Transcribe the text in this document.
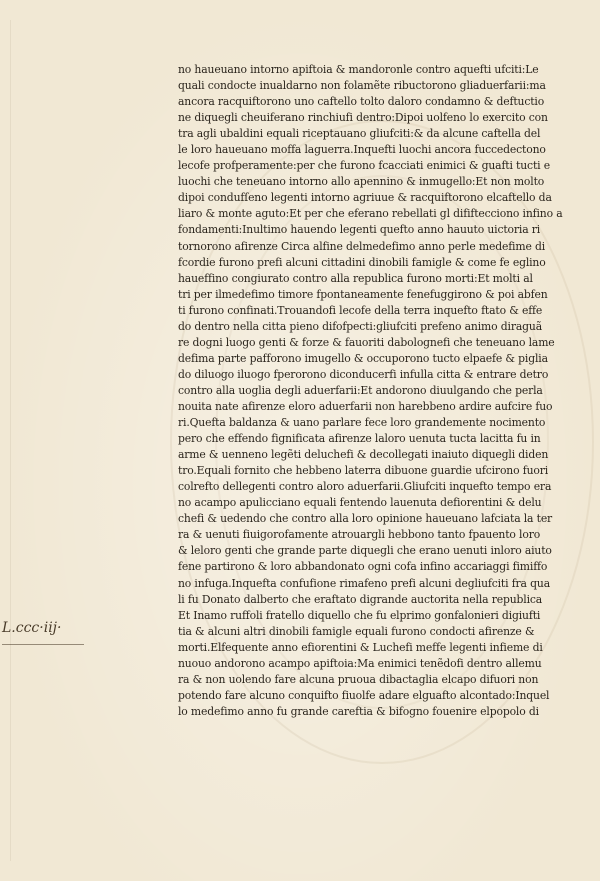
no haueuano intorno apiftoia & mandoronle contro aquefti ufciti:Le
quali condocte inualdarno non folamẽte ribuctorono gliaduerfarii:ma
ancora racquiftorono uno caftello tolto daloro condamno & deftuctio
ne diquegli cheuiferano rinchiufi dentro:Dipoi uolfeno lo exercito con
tra agli ubaldini equali riceptauano gliufciti:& da alcune caftella del
le loro haueuano moffa laguerra.Inquefti luochi ancora fuccedectono
lecofe profperamente:per che furono fcacciati enimici & guafti tucti e
luochi che teneuano intorno allo apennino & inmugello:Et non molto
dipoi condufſeno legenti intorno agriuue & racquiftorono elcaftello da
liaro & monte aguto:Et per che eferano rebellati gl dififtecciono infino a
fondamenti:Inultimo hauendo legenti quefto anno hauuto uictoria ri
tornorono afirenze Circa alfine delmedefimo anno perle medefime di
fcordie furono prefi alcuni cittadini dinobili famigle & come fe eglino
haueffino congiurato contro alla republica furono morti:Et molti al
tri per ilmedefimo timore fpontaneamente fenefuggirono & poi abfen
ti furono confinati.Trouandofi lecofe della terra inquefto ftato & effe
do dentro nella citta pieno difofpecti:gliufciti prefeno animo diraguã
re dogni luogo genti & forze & fauoriti dabolognefi che teneuano lame
defima parte pafforono imugello & occuporono tucto elpaefe & piglia
do diluogo iluogo fperorono diconducerfi infulla citta & entrare detro
contro alla uoglia degli aduerfarii:Et andorono diuulgando che perla
nouita nate afirenze eloro aduerfarii non harebbeno ardire aufcire fuo
ri.Quefta baldanza & uano parlare fece loro grandemente nocimento
pero che effendo fignificata afirenze laloro uenuta tucta lacitta fu in
arme & uenneno legẽti deluchefi & decollegati inaiuto diquegli diden
tro.Equali fornito che hebbeno laterra dibuone guardie ufcirono fuori
colrefto dellegenti contro aloro aduerfarii.Gliufciti inquefto tempo era
no acampo apulicciano equali fentendo lauenuta defiorentini & delu
chefi & uedendo che contro alla loro opinione haueuano lafciata la ter
ra & uenuti fiuigorofamente atrouargli hebbono tanto fpauento loro
& leloro genti che grande parte diquegli che erano uenuti inloro aiuto
fene partirono & loro abbandonato ogni cofa infino accariaggi fimiffo
no infuga.Inquefta confufione rimafeno prefi alcuni degliufciti fra qua
li fu Donato dalberto che eraftato digrande auctorita nella republica
Et Inamo ruffoli fratello diquello che fu elprimo gonfalonieri digiufti
tia & alcuni altri dinobili famigle equali furono condocti afirenze &
morti.Elfequente anno efiorentini & Luchefi meffe legenti infieme di
nuouo andorono acampo apiftoia:Ma enimici tenẽdofi dentro allemu
ra & non uolendo fare alcuna pruoua dibactaglia elcapo difuori non
potendo fare alcuno conquifto fiuolfe adare elguafto alcontado:Inquel
lo medefimo anno fu grande careftia & bifogno fouenire elpopolo di
L.ccc·iij·
